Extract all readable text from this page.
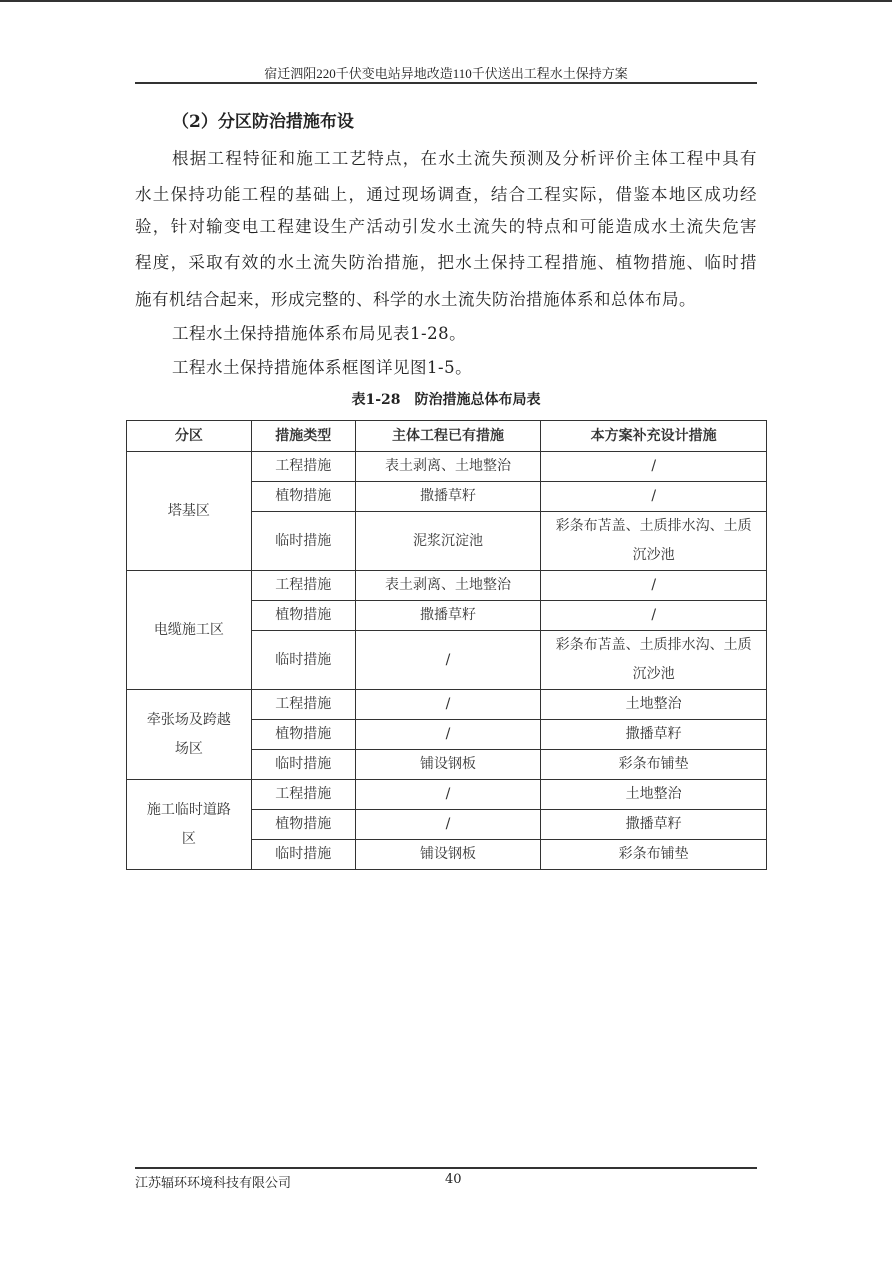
宿迁泗阳220千伏变电站异地改造110千伏送出工程水土保持方案
（2）分区防治措施布设
根据工程特征和施工工艺特点，在水土流失预测及分析评价主体工程中具有
水土保持功能工程的基础上，通过现场调查，结合工程实际，借鉴本地区成功经
验，针对输变电工程建设生产活动引发水土流失的特点和可能造成水土流失危害
程度，采取有效的水土流失防治措施，把水土保持工程措施、植物措施、临时措
施有机结合起来，形成完整的、科学的水土流失防治措施体系和总体布局。
工程水土保持措施体系布局见表1-28。
工程水土保持措施体系框图详见图1-5。
表1-28　防治措施总体布局表
分区	措施类型	主体工程已有措施	本方案补充设计措施
塔基区	工程措施	表土剥离、土地整治	/
	植物措施	撒播草籽	/
	临时措施	泥浆沉淀池	彩条布苫盖、土质排水沟、土质沉沙池
电缆施工区	工程措施	表土剥离、土地整治	/
	植物措施	撒播草籽	/
	临时措施	/	彩条布苫盖、土质排水沟、土质沉沙池
牵张场及跨越场区	工程措施	/	土地整治
	植物措施	/	撒播草籽
	临时措施	铺设钢板	彩条布铺垫
施工临时道路区	工程措施	/	土地整治
	植物措施	/	撒播草籽
	临时措施	铺设钢板	彩条布铺垫
江苏辐环环境科技有限公司	40
